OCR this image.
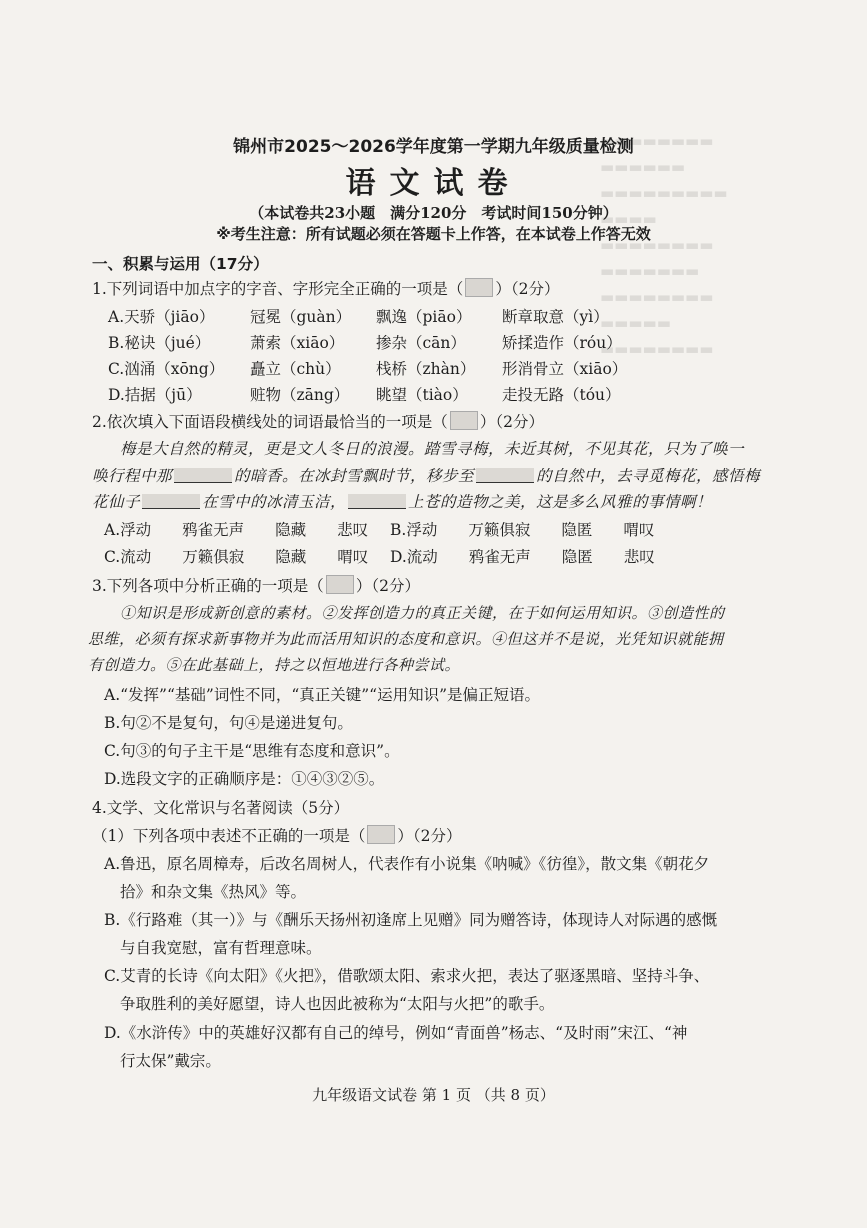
▬▬▬▬▬▬▬▬
▬▬▬▬▬▬
▬▬▬▬▬▬▬▬▬
▬▬▬▬
▬▬▬▬▬▬▬▬
▬▬▬▬▬▬▬
▬▬▬▬▬▬▬▬
▬▬▬▬▬
▬▬▬▬▬▬▬▬
锦州市2025～2026学年度第一学期九年级质量检测
语文试卷
（本试卷共23小题　满分120分　考试时间150分钟）
※考生注意：所有试题必须在答题卡上作答，在本试卷上作答无效
一、积累与运用（17分）
1.下列词语中加点字的字音、字形完全正确的一项是（ ）（2分）
A.天骄（jiāo） 冠冕（guàn） 飘逸（piāo） 断章取意（yì）
B.秘诀（jué）	萧索（xiāo） 掺杂（cān） 矫揉造作（róu）
C.汹涌（xōng） 矗立（chù） 栈桥（zhàn） 形消骨立（xiāo）
D.拮据（jū）	赃物（zāng） 眺望（tiào） 走投无路（tóu）
2.依次填入下面语段横线处的词语最恰当的一项是（ ）（2分）
梅是大自然的精灵，更是文人冬日的浪漫。踏雪寻梅，未近其树，不见其花，只为了唤一
唤行程中那	的暗香。在冰封雪飘时节，移步至	的自然中，去寻觅梅花，感悟梅
花仙子	在雪中的冰清玉洁，	上苍的造物之美，这是多么风雅的事情啊！
A.浮动　　鸦雀无声　　隐藏　　悲叹 B.浮动　　万籁俱寂　　隐匿　　喟叹
C.流动　　万籁俱寂　　隐藏　　喟叹 D.流动　　鸦雀无声　　隐匿　　悲叹
3.下列各项中分析正确的一项是（ ）（2分）
①知识是形成新创意的素材。②发挥创造力的真正关键，在于如何运用知识。③创造性的
思维，必须有探求新事物并为此而活用知识的态度和意识。④但这并不是说，光凭知识就能拥
有创造力。⑤在此基础上，持之以恒地进行各种尝试。
A.“发挥”“基础”词性不同，“真正关键”“运用知识”是偏正短语。
B.句②不是复句，句④是递进复句。
C.句③的句子主干是“思维有态度和意识”。
D.选段文字的正确顺序是：①④③②⑤。
4.文学、文化常识与名著阅读（5分）
（1）下列各项中表述不正确的一项是（ ）（2分）
A.鲁迅，原名周樟寿，后改名周树人，代表作有小说集《呐喊》《彷徨》，散文集《朝花夕
拾》和杂文集《热风》等。
B.《行路难（其一）》与《酬乐天扬州初逢席上见赠》同为赠答诗，体现诗人对际遇的感慨
与自我宽慰，富有哲理意味。
C.艾青的长诗《向太阳》《火把》，借歌颂太阳、索求火把，表达了驱逐黑暗、坚持斗争、
争取胜利的美好愿望，诗人也因此被称为“太阳与火把”的歌手。
D.《水浒传》中的英雄好汉都有自己的绰号，例如“青面兽”杨志、“及时雨”宋江、“神
行太保”戴宗。
九年级语文试卷 第 1 页 （共 8 页）
